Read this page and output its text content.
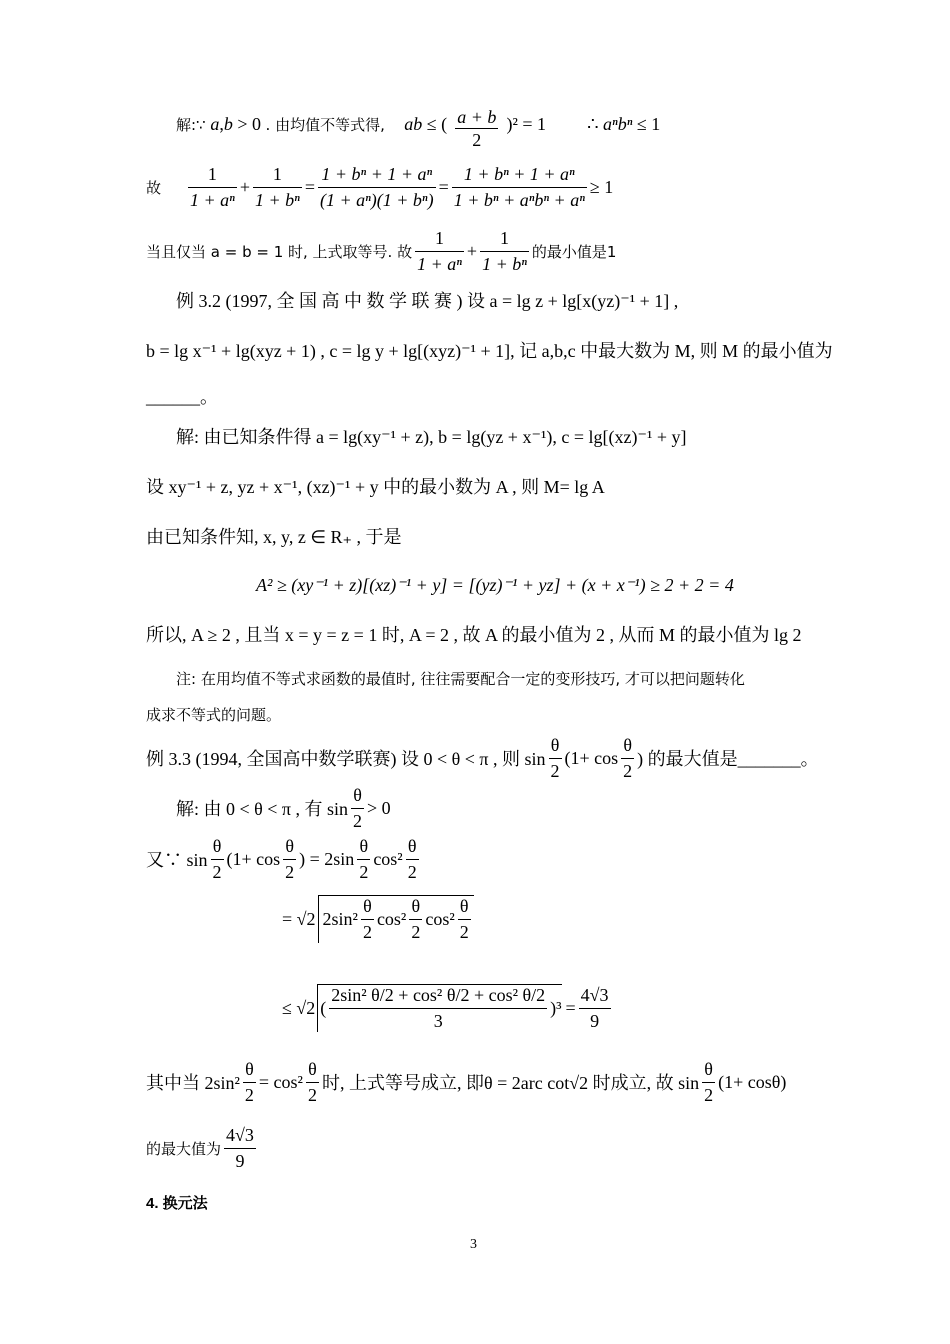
解:∵ a,b > 0 . 由均值不等式得,    ab ≤ ( $\frac{a + b}{2} )^2 = 1$ ∴ aⁿbⁿ ≤ 1
故 $\frac{1}{\text{1 + aⁿ}} + \frac{1}{\text{1 + bⁿ}} = \frac{\text{1 + bⁿ + 1 + aⁿ}}{\text{(1 + aⁿ)(1 + bⁿ)}} = \frac{\text{1 + bⁿ + 1 + aⁿ}}{\text{1 + bⁿ + aⁿbⁿ + aⁿ}} \ge 1$
当且仅当 a = b = 1 时, 上式取等号. 故 $\frac{1}{\text{1 + aⁿ}} + \frac{1}{\text{1 + bⁿ}}$ 的最小值是1
例 3.2 (1997, 全 国 高 中 数 学 联 赛 ) 设 a = lg z + lg[x(yz)⁻¹ + 1] ,
b = lg x⁻¹ + lg(xyz + 1) , c = lg y + lg[(xyz)⁻¹ + 1], 记 a,b,c 中最大数为 M, 则 M 的最小值为
______。
解: 由已知条件得 a = lg(xy⁻¹ + z), b = lg(yz + x⁻¹), c = lg[(xz)⁻¹ + y]
设 xy⁻¹ + z, yz + x⁻¹, (xz)⁻¹ + y 中的最小数为 A , 则 M= lg A
由已知条件知, x, y, z ∈ R₊ , 于是
A² ≥ (xy⁻¹ + z)[(xz)⁻¹ + y] = [(yz)⁻¹ + yz] + (x + x⁻¹) ≥ 2 + 2 = 4
所以, A ≥ 2 , 且当 x = y = z = 1 时, A = 2 , 故 A 的最小值为 2 , 从而 M 的最小值为 lg 2
注: 在用均值不等式求函数的最值时, 往往需要配合一定的变形技巧, 才可以把问题转化
成求不等式的问题。
例 3.3 (1994, 全国高中数学联赛) 设 0 < θ < π , 则 $\sin \frac{\theta}{2} (1+ \cos \frac{\theta}{2}$ ) 的最大值是_______。
解: 由 0 < θ < π , 有 $\sin \frac{\theta}{2} > 0$
又∵ $\sin \frac{\theta}{2} (1+ \cos \frac{\theta}{2}$ ) = $2\sin \frac{\theta}{2} \cos^2 \frac{\theta}{2}$
= √2 $2\sin^2 \frac{\theta}{2} \cos^2 \frac{\theta}{2} \cos^2 \frac{\theta}{2}$
≤ √2 ( $\frac{\text{2sin² θ/2 + cos² θ/2 + cos² θ/2}}{3} )^3 = \frac{4√3}{9}$
其中当 $2\sin^2 \frac{\theta}{2} = \cos^2 \frac{\theta}{2}$ 时, 上式等号成立, 即θ = 2arc cot√2 时成立, 故 $\sin \frac{\theta}{2} (1+ \cos\theta)$
的最大值为 $\frac{4√3}{9}$
4. 换元法
3
